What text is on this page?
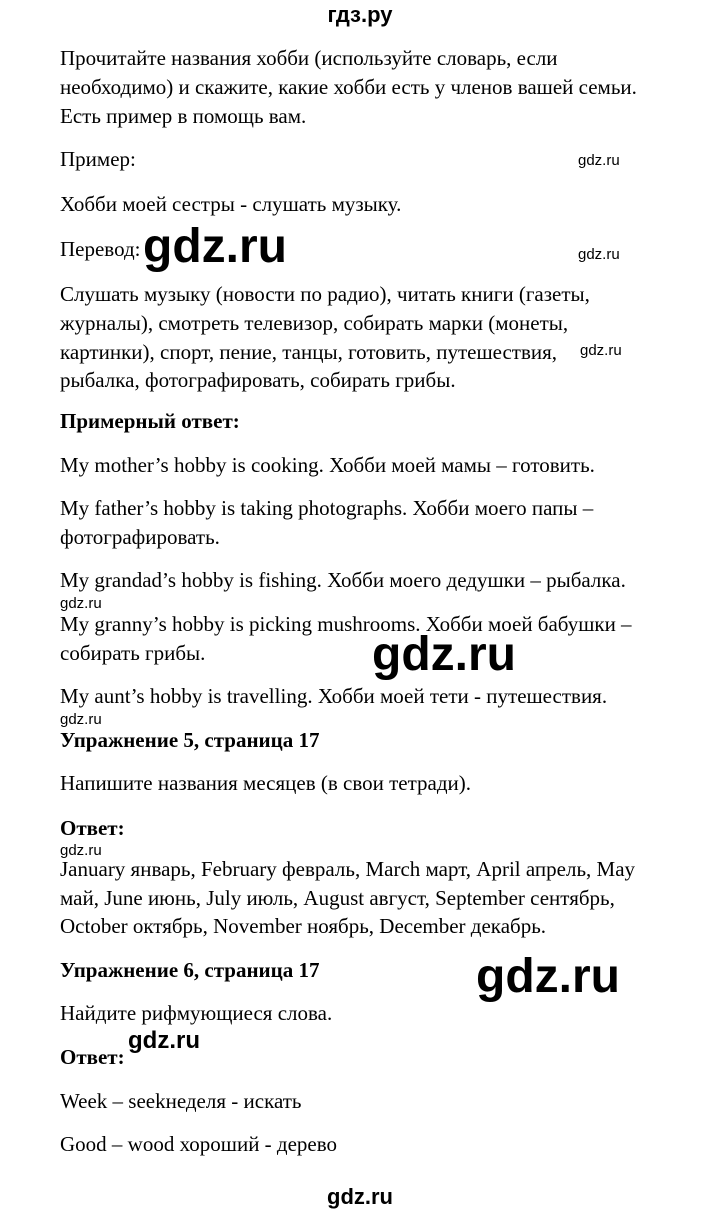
гдз.ру
Прочитайте названия хобби (используйте словарь, если
необходимо) и скажите, какие хобби есть у членов вашей семьи.
Есть пример в помощь вам.
Пример:	gdz.ru
Хобби моей сестры - слушать музыку.
Перевод: gdz.ru	gdz.ru
Слушать музыку (новости по радио), читать книги (газеты,
журналы), смотреть телевизор, собирать марки (монеты,
картинки), спорт, пение, танцы, готовить, путешествия, gdz.ru
рыбалка, фотографировать, собирать грибы.
Примерный ответ:
My mother’s hobby is cooking. Хобби моей мамы – готовить.
My father’s hobby is taking photographs. Хобби моего папы –
фотографировать.
My grandad’s hobby is fishing. Хобби моего дедушки – рыбалка.
gdz.ru
My granny’s hobby is picking mushrooms. Хобби моей бабушки –
gdz.ru
собирать грибы.
My aunt’s hobby is travelling. Хобби моей тети - путешествия.
gdz.ru
Упражнение 5, страница 17
Напишите названия месяцев (в свои тетради).
Ответ:
gdz.ru
January январь, February февраль, March март, April апрель, May
май, June июнь, July июль, August август, September сентябрь,
October октябрь, November ноябрь, December декабрь.
Упражнение 6, страница 17	gdz.ru
Найдите рифмующиеся слова.
gdz.ru
Ответ:
Week – seekнеделя - искать
Good – wood хороший - дерево
gdz.ru
